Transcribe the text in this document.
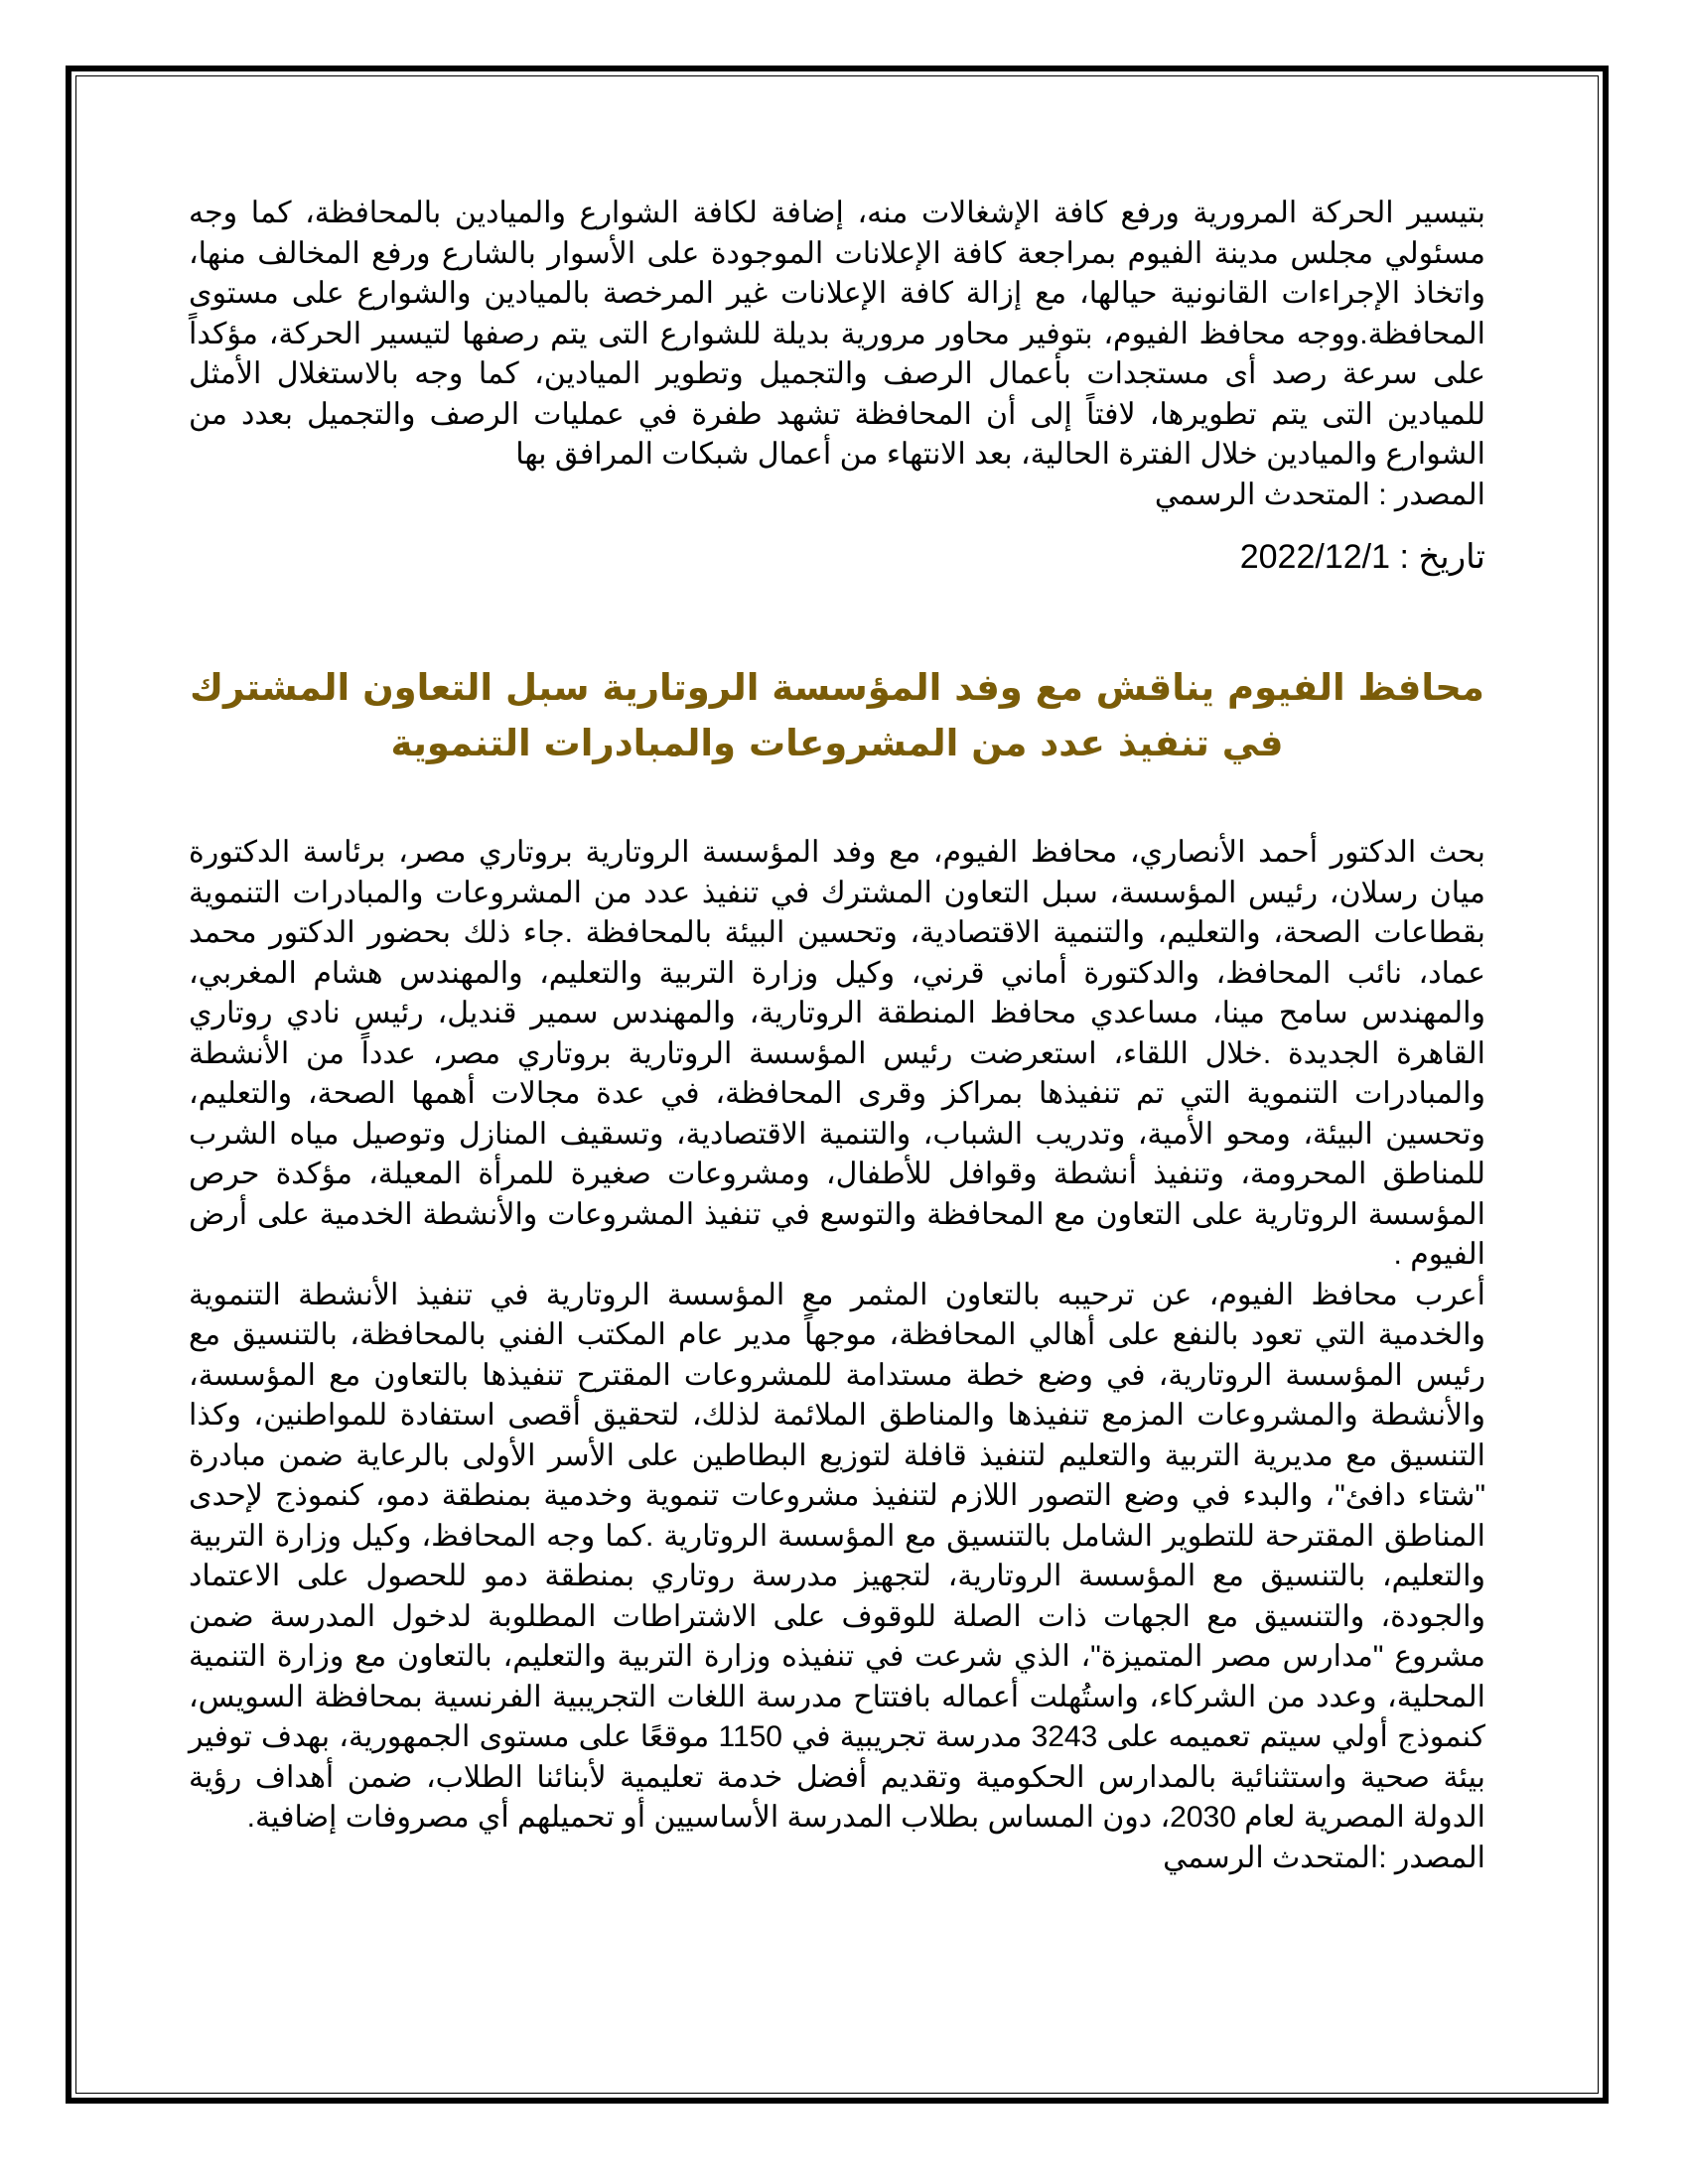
بتيسير الحركة المرورية ورفع كافة الإشغالات منه، إضافة لكافة الشوارع والميادين بالمحافظة، كما وجه مسئولي مجلس مدينة الفيوم بمراجعة كافة الإعلانات الموجودة على الأسوار بالشارع ورفع المخالف منها، واتخاذ الإجراءات القانونية حيالها، مع إزالة كافة الإعلانات غير المرخصة بالميادين والشوارع على مستوى المحافظة.ووجه محافظ الفيوم، بتوفير محاور مرورية بديلة للشوارع التى يتم رصفها لتيسير الحركة، مؤكداً على سرعة رصد أى مستجدات بأعمال الرصف والتجميل وتطوير الميادين، كما وجه بالاستغلال الأمثل للميادين التى يتم تطويرها، لافتاً إلى أن المحافظة تشهد طفرة في عمليات الرصف والتجميل بعدد من الشوارع والميادين خلال الفترة الحالية، بعد الانتهاء من أعمال شبكات المرافق بها

المصدر : المتحدث الرسمي

تاريخ : 2022/12/1

محافظ الفيوم يناقش مع وفد المؤسسة الروتارية سبل التعاون المشترك في تنفيذ عدد من المشروعات والمبادرات التنموية

بحث الدكتور أحمد الأنصاري، محافظ الفيوم، مع وفد المؤسسة الروتارية بروتاري مصر، برئاسة الدكتورة ميان رسلان، رئيس المؤسسة، سبل التعاون المشترك في تنفيذ عدد من المشروعات والمبادرات التنموية بقطاعات الصحة، والتعليم، والتنمية الاقتصادية، وتحسين البيئة بالمحافظة .جاء ذلك بحضور الدكتور محمد عماد، نائب المحافظ، والدكتورة أماني قرني، وكيل وزارة التربية والتعليم، والمهندس هشام المغربي، والمهندس سامح مينا، مساعدي محافظ المنطقة الروتارية، والمهندس سمير قنديل، رئيس نادي روتاري القاهرة الجديدة .خلال اللقاء، استعرضت رئيس المؤسسة الروتارية بروتاري مصر، عدداً من الأنشطة والمبادرات التنموية التي تم تنفيذها بمراكز وقرى المحافظة، في عدة مجالات أهمها الصحة، والتعليم، وتحسين البيئة، ومحو الأمية، وتدريب الشباب، والتنمية الاقتصادية، وتسقيف المنازل وتوصيل مياه الشرب للمناطق المحرومة، وتنفيذ أنشطة وقوافل للأطفال، ومشروعات صغيرة للمرأة المعيلة، مؤكدة حرص المؤسسة الروتارية على التعاون مع المحافظة والتوسع في تنفيذ المشروعات والأنشطة الخدمية على أرض الفيوم .

أعرب محافظ الفيوم، عن ترحيبه بالتعاون المثمر مع المؤسسة الروتارية في تنفيذ الأنشطة التنموية والخدمية التي تعود بالنفع على أهالي المحافظة، موجهاً مدير عام المكتب الفني بالمحافظة، بالتنسيق مع رئيس المؤسسة الروتارية، في وضع خطة مستدامة للمشروعات المقترح تنفيذها بالتعاون مع المؤسسة، والأنشطة والمشروعات المزمع تنفيذها والمناطق الملائمة لذلك، لتحقيق أقصى استفادة للمواطنين، وكذا التنسيق مع مديرية التربية والتعليم لتنفيذ قافلة لتوزيع البطاطين على الأسر الأولى بالرعاية ضمن مبادرة "شتاء دافئ"، والبدء في وضع التصور اللازم لتنفيذ مشروعات تنموية وخدمية بمنطقة دمو، كنموذج لإحدى المناطق المقترحة للتطوير الشامل بالتنسيق مع المؤسسة الروتارية .كما وجه المحافظ، وكيل وزارة التربية والتعليم، بالتنسيق مع المؤسسة الروتارية، لتجهيز مدرسة روتاري بمنطقة دمو للحصول على الاعتماد والجودة، والتنسيق مع الجهات ذات الصلة للوقوف على الاشتراطات المطلوبة لدخول المدرسة ضمن مشروع "مدارس مصر المتميزة"، الذي شرعت في تنفيذه وزارة التربية والتعليم، بالتعاون مع وزارة التنمية المحلية، وعدد من الشركاء، واستُهلت أعماله بافتتاح مدرسة اللغات التجريبية الفرنسية بمحافظة السويس، كنموذج أولي سيتم تعميمه على 3243 مدرسة تجريبية في 1150 موقعًا على مستوى الجمهورية، بهدف توفير بيئة صحية واستثنائية بالمدارس الحكومية وتقديم أفضل خدمة تعليمية لأبنائنا الطلاب، ضمن أهداف رؤية الدولة المصرية لعام 2030، دون المساس بطلاب المدرسة الأساسيين أو تحميلهم أي مصروفات إضافية.

المصدر :المتحدث الرسمي
